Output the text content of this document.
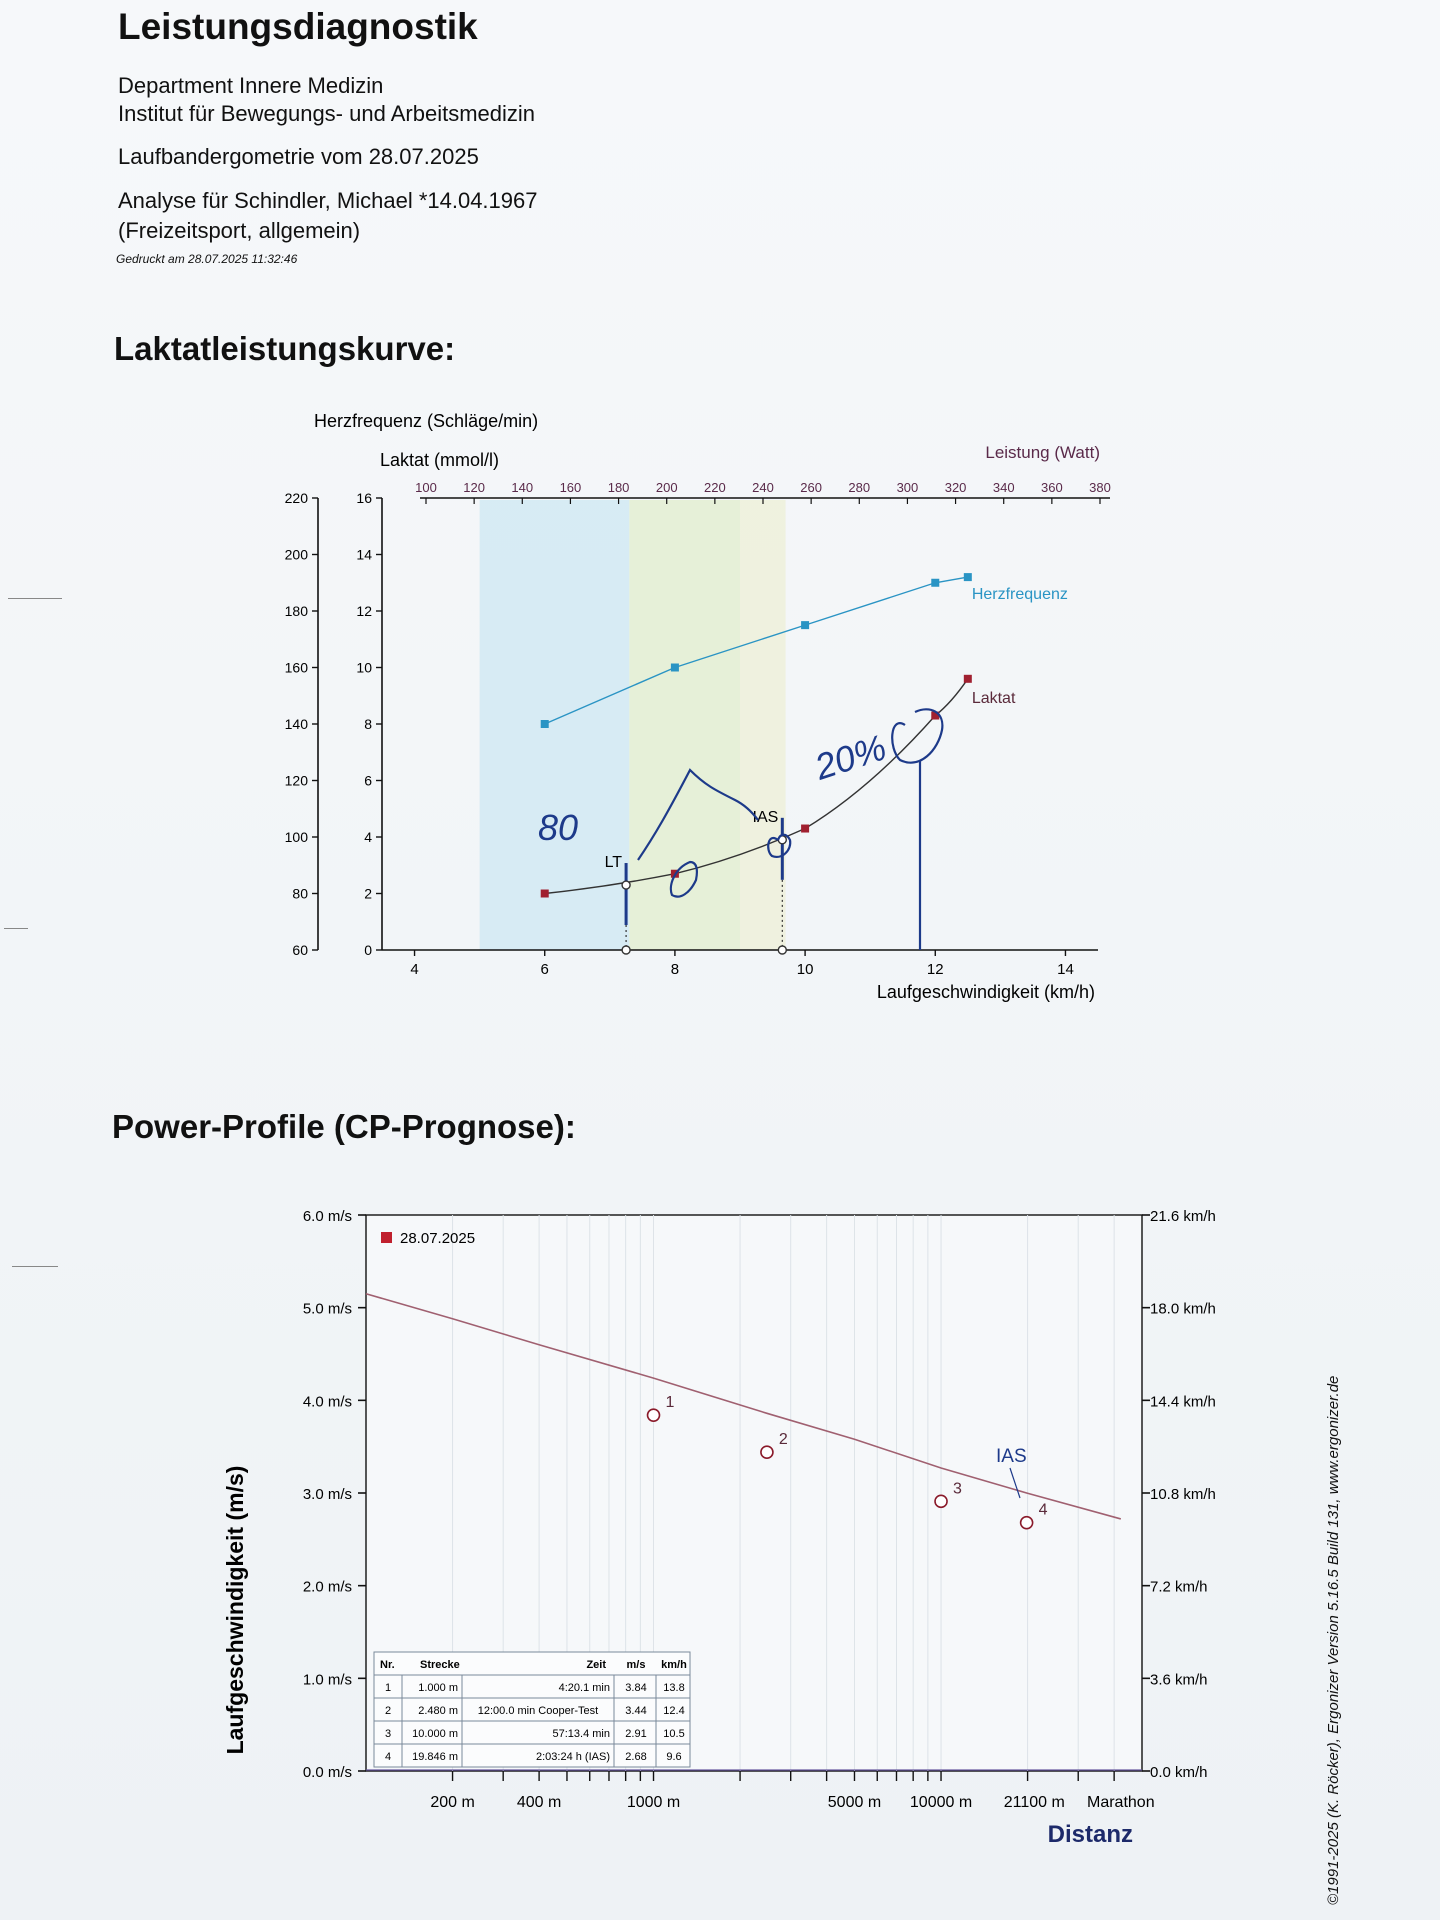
Leistungsdiagnostik
Department Innere Medizin
Institut für Bewegungs- und Arbeitsmedizin
Laufbandergometrie vom 28.07.2025
Analyse für Schindler, Michael *14.04.1967
(Freizeitsport, allgemein)
Gedruckt am 28.07.2025 11:32:46
Laktatleistungskurve:
Power-Profile (CP-Prognose):
60
80
100
120
140
160
180
200
220
0
2
4
6
8
10
12
14
16
4	6	8	10	12	14
100 120 140 160 180 200 220 240 260 280 300 320 340 360 380
Herzfrequenz (Schläge/min)
Laktat (mmol/l)	Leistung (Watt)
Laufgeschwindigkeit (km/h)
Herzfrequenz
Laktat
LT
IAS
80
20%
0.0 m/s
1.0 m/s
2.0 m/s
3.0 m/s
4.0 m/s
5.0 m/s
6.0 m/s
0.0 km/h
3.6 km/h
7.2 km/h
10.8 km/h
14.4 km/h
18.0 km/h
21.6 km/h
200 m	400 m	1000 m	5000 m 10000 m 21100 m Marathon
Laufgeschwindigkeit (m/s)
Distanz
28.07.2025
1
2
3
4
IAS
Nr. Strecke	Zeit m/s km/h
1 1.000 m	4:20.1 min 3.84 13.8
2 2.480 m 12:00.0 min Cooper-Test 3.44 12.4
3 10.000 m	57:13.4 min 2.91 10.5
4 19.846 m	2:03:24 h (IAS) 2.68 9.6	©1991-2025 (K. Röcker), Ergonizer Version 5.16.5 Build 131, www.ergonizer.de
